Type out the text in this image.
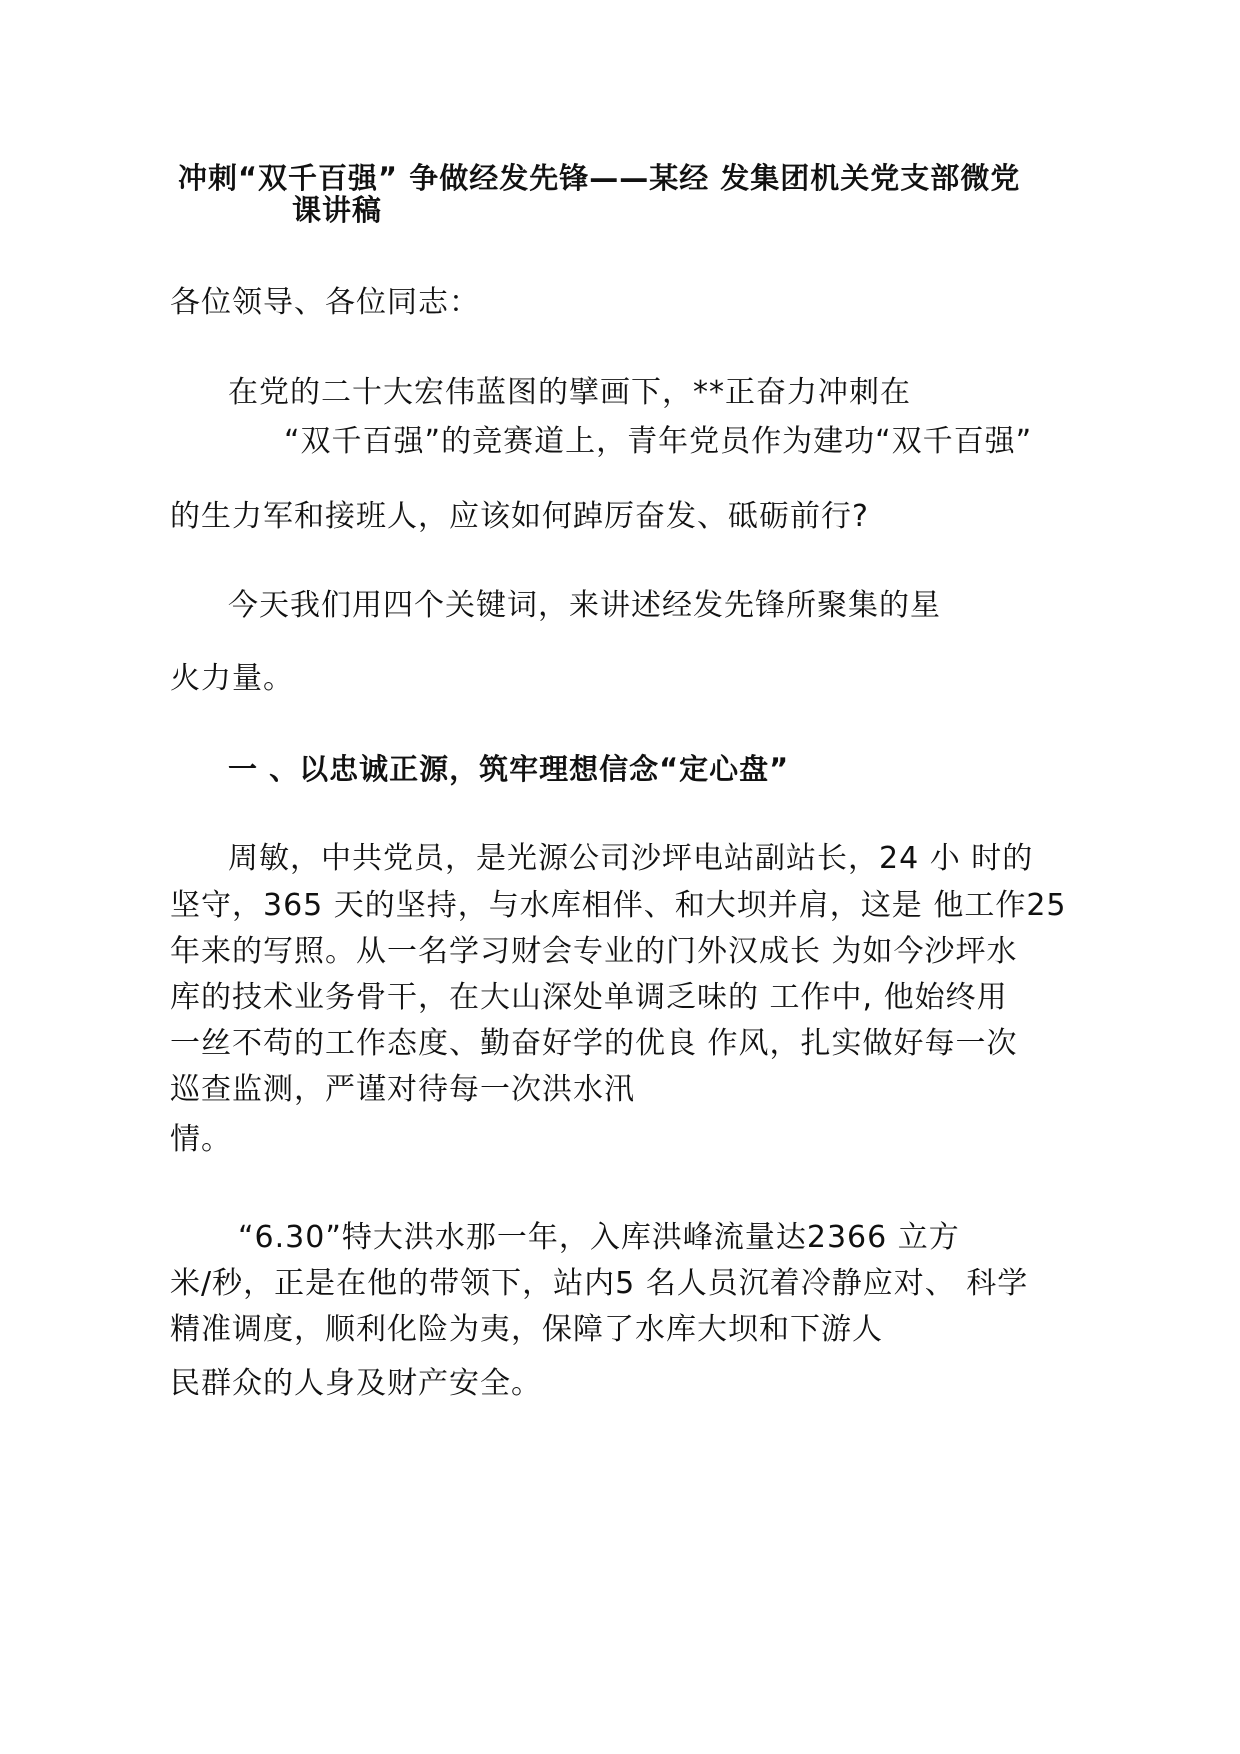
冲刺“双千百强” 争做经发先锋——某经 发集团机关党支部微党
课讲稿
各位领导、各位同志：
在党的二十大宏伟蓝图的擘画下，**正奋力冲刺在
“双千百强”的竞赛道上，青年党员作为建功“双千百强”
的生力军和接班人，应该如何踔厉奋发、砥砺前行?
今天我们用四个关键词，来讲述经发先锋所聚集的星
火力量。
一 、以忠诚正源，筑牢理想信念“定心盘”
周敏，中共党员，是光源公司沙坪电站副站长，24 小 时的
坚守，365 天的坚持，与水库相伴、和大坝并肩，这是 他工作25
年来的写照。从一名学习财会专业的门外汉成长 为如今沙坪水
库的技术业务骨干，在大山深处单调乏味的 工作中, 他始终用
一丝不苟的工作态度、勤奋好学的优良 作风，扎实做好每一次
巡查监测，严谨对待每一次洪水汛
情。
“6.30”特大洪水那一年，入库洪峰流量达2366 立方
米/秒，正是在他的带领下，站内5 名人员沉着冷静应对、 科学
精准调度，顺利化险为夷，保障了水库大坝和下游人
民群众的人身及财产安全。
